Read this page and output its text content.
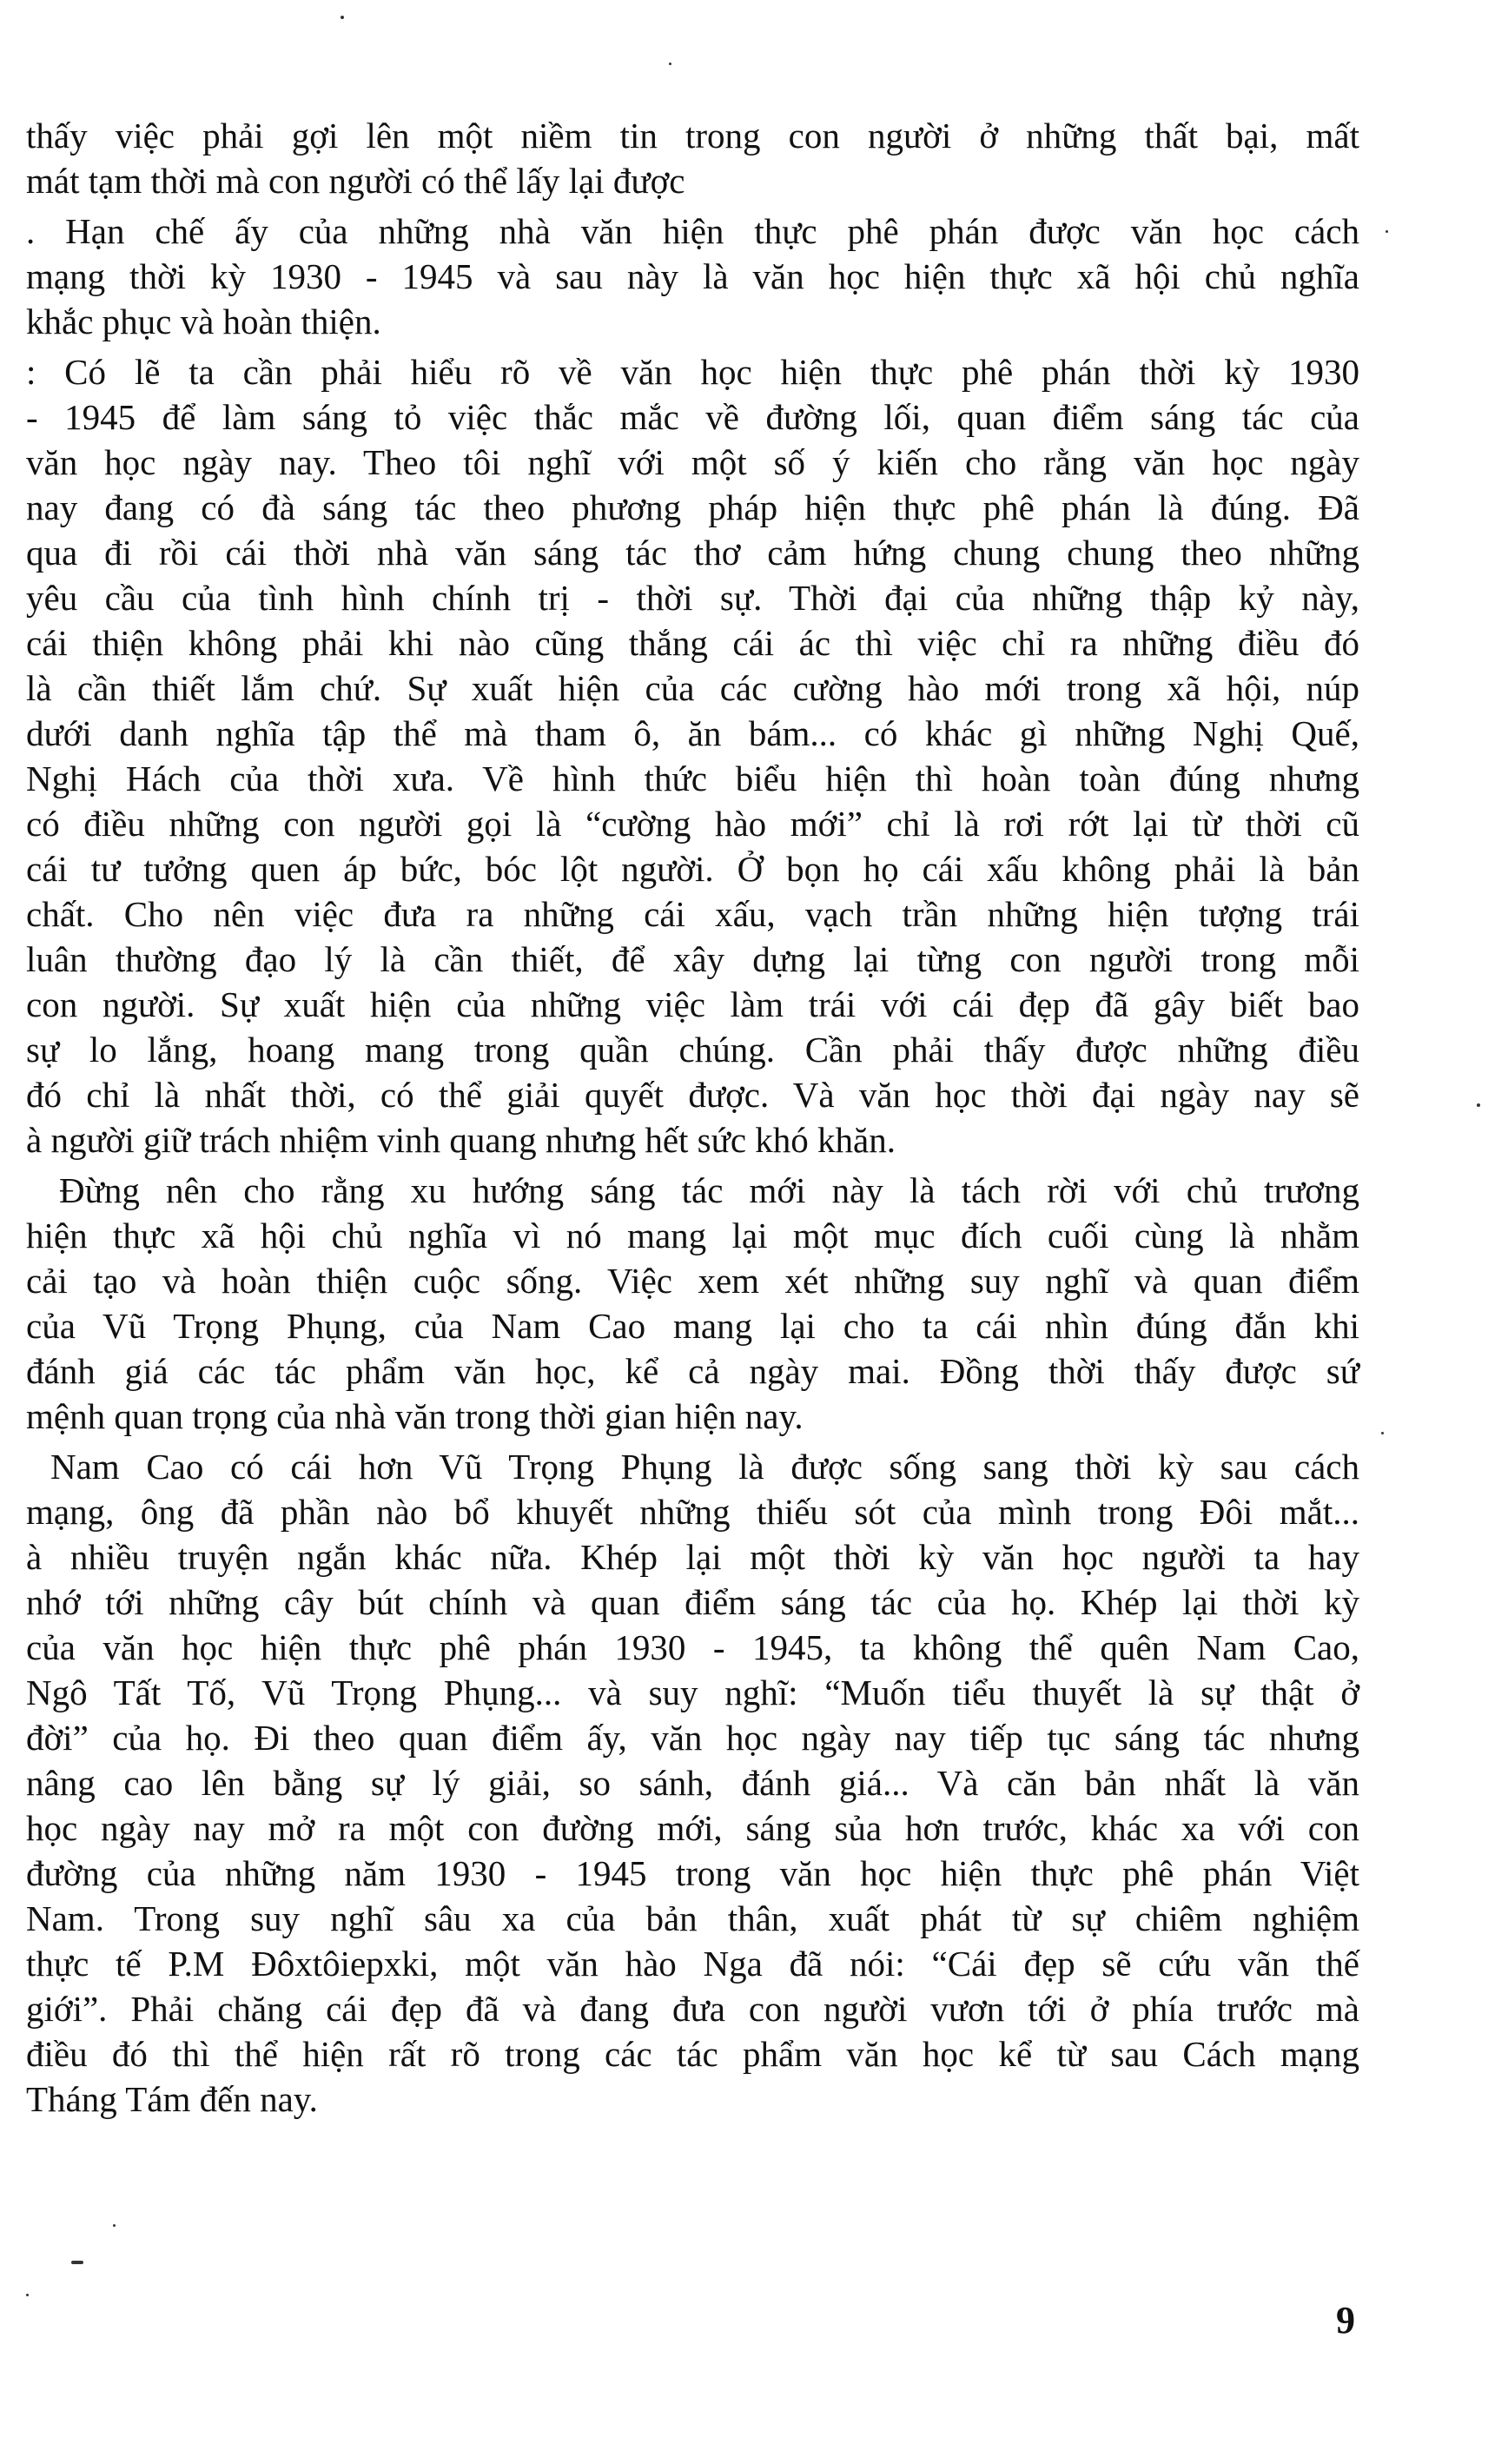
thấy việc phải gợi lên một niềm tin trong con người ở những thất bại, mất
mát tạm thời mà con người có thể lấy lại được
. Hạn chế ấy của những nhà văn hiện thực phê phán được văn học cách
mạng thời kỳ 1930 - 1945 và sau này là văn học hiện thực xã hội chủ nghĩa
khắc phục và hoàn thiện.
: Có lẽ ta cần phải hiểu rõ về văn học hiện thực phê phán thời kỳ 1930
- 1945 để làm sáng tỏ việc thắc mắc về đường lối, quan điểm sáng tác của
văn học ngày nay. Theo tôi nghĩ với một số ý kiến cho rằng văn học ngày
nay đang có đà sáng tác theo phương pháp hiện thực phê phán là đúng. Đã
qua đi rồi cái thời nhà văn sáng tác thơ cảm hứng chung chung theo những
yêu cầu của tình hình chính trị - thời sự. Thời đại của những thập kỷ này,
cái thiện không phải khi nào cũng thắng cái ác thì việc chỉ ra những điều đó
là cần thiết lắm chứ. Sự xuất hiện của các cường hào mới trong xã hội, núp
dưới danh nghĩa tập thể mà tham ô, ăn bám... có khác gì những Nghị Quế,
Nghị Hách của thời xưa. Về hình thức biểu hiện thì hoàn toàn đúng nhưng
có điều những con người gọi là “cường hào mới” chỉ là rơi rớt lại từ thời cũ
cái tư tưởng quen áp bức, bóc lột người. Ở bọn họ cái xấu không phải là bản
chất. Cho nên việc đưa ra những cái xấu, vạch trần những hiện tượng trái
luân thường đạo lý là cần thiết, để xây dựng lại từng con người trong mỗi
con người. Sự xuất hiện của những việc làm trái với cái đẹp đã gây biết bao
sự lo lắng, hoang mang trong quần chúng. Cần phải thấy được những điều
đó chỉ là nhất thời, có thể giải quyết được. Và văn học thời đại ngày nay sẽ
à người giữ trách nhiệm vinh quang nhưng hết sức khó khăn.
Đừng nên cho rằng xu hướng sáng tác mới này là tách rời với chủ trương
hiện thực xã hội chủ nghĩa vì nó mang lại một mục đích cuối cùng là nhằm
cải tạo và hoàn thiện cuộc sống. Việc xem xét những suy nghĩ và quan điểm
của Vũ Trọng Phụng, của Nam Cao mang lại cho ta cái nhìn đúng đắn khi
đánh giá các tác phẩm văn học, kể cả ngày mai. Đồng thời thấy được sứ
mệnh quan trọng của nhà văn trong thời gian hiện nay.
Nam Cao có cái hơn Vũ Trọng Phụng là được sống sang thời kỳ sau cách
mạng, ông đã phần nào bổ khuyết những thiếu sót của mình trong Đôi mắt...
à nhiều truyện ngắn khác nữa. Khép lại một thời kỳ văn học người ta hay
nhớ tới những cây bút chính và quan điểm sáng tác của họ. Khép lại thời kỳ
của văn học hiện thực phê phán 1930 - 1945, ta không thể quên Nam Cao,
Ngô Tất Tố, Vũ Trọng Phụng... và suy nghĩ: “Muốn tiểu thuyết là sự thật ở
đời” của họ. Đi theo quan điểm ấy, văn học ngày nay tiếp tục sáng tác nhưng
nâng cao lên bằng sự lý giải, so sánh, đánh giá... Và căn bản nhất là văn
học ngày nay mở ra một con đường mới, sáng sủa hơn trước, khác xa với con
đường của những năm 1930 - 1945 trong văn học hiện thực phê phán Việt
Nam. Trong suy nghĩ sâu xa của bản thân, xuất phát từ sự chiêm nghiệm
thực tế P.M Đôxtôiepxki, một văn hào Nga đã nói: “Cái đẹp sẽ cứu vãn thế
giới”. Phải chăng cái đẹp đã và đang đưa con người vươn tới ở phía trước mà
điều đó thì thể hiện rất rõ trong các tác phẩm văn học kể từ sau Cách mạng
Tháng Tám đến nay.
9
